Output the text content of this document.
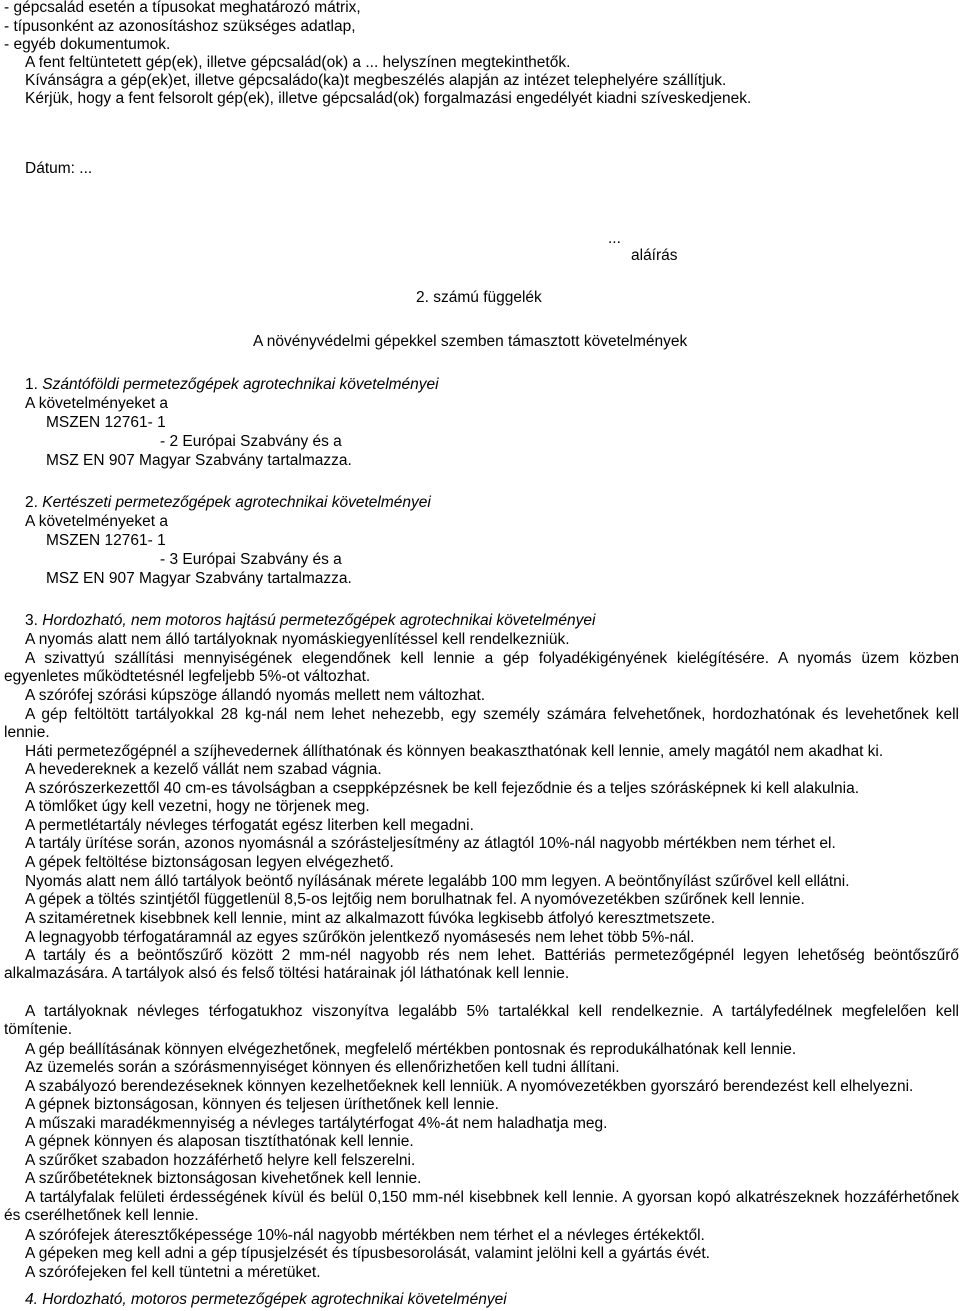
- gépcsalád esetén a típusokat meghatározó mátrix,
- típusonként az azonosításhoz szükséges adatlap,
- egyéb dokumentumok.
A fent feltüntetett gép(ek), illetve gépcsalád(ok) a ... helyszínen megtekinthetők.
Kívánságra a gép(ek)et, illetve gépcsaládo(ka)t megbeszélés alapján az intézet telephelyére szállítjuk.
Kérjük, hogy a fent felsorolt gép(ek), illetve gépcsalád(ok) forgalmazási engedélyét kiadni szíveskedjenek.
Dátum: ...
...
aláírás
2. számú függelék
A növényvédelmi gépekkel szemben támasztott követelmények
1. Szántóföldi permetezőgépek agrotechnikai követelményei
A követelményeket a
MSZEN 12761- 1
- 2 Európai Szabvány és a
MSZ EN 907 Magyar Szabvány tartalmazza.
2. Kertészeti permetezőgépek agrotechnikai követelményei
A követelményeket a
MSZEN 12761- 1
- 3 Európai Szabvány és a
MSZ EN 907 Magyar Szabvány tartalmazza.
3. Hordozható, nem motoros hajtású permetezőgépek agrotechnikai követelményei
A nyomás alatt nem álló tartályoknak nyomáskiegyenlítéssel kell rendelkezniük.
A szivattyú szállítási mennyiségének elegendőnek kell lennie a gép folyadékigényének kielégítésére. A nyomás üzem közben egyenletes működtetésnél legfeljebb 5%-ot változhat.
A szórófej szórási kúpszöge állandó nyomás mellett nem változhat.
A gép feltöltött tartályokkal 28 kg-nál nem lehet nehezebb, egy személy számára felvehetőnek, hordozhatónak és levehetőnek kell lennie.
Háti permetezőgépnél a szíjhevedernek állíthatónak és könnyen beakaszthatónak kell lennie, amely magától nem akadhat ki.
A hevedereknek a kezelő vállát nem szabad vágnia.
A szórószerkezettől 40 cm-es távolságban a cseppképzésnek be kell fejeződnie és a teljes szórásképnek ki kell alakulnia.
A tömlőket úgy kell vezetni, hogy ne törjenek meg.
A permetlétartály névleges térfogatát egész literben kell megadni.
A tartály ürítése során, azonos nyomásnál a szórásteljesítmény az átlagtól 10%-nál nagyobb mértékben nem térhet el.
A gépek feltöltése biztonságosan legyen elvégezhető.
Nyomás alatt nem álló tartályok beöntő nyílásának mérete legalább 100 mm legyen. A beöntőnyílást szűrővel kell ellátni.
A gépek a töltés szintjétől függetlenül 8,5-os lejtőig nem borulhatnak fel. A nyomóvezetékben szűrőnek kell lennie.
A szitaméretnek kisebbnek kell lennie, mint az alkalmazott fúvóka legkisebb átfolyó keresztmetszete.
A legnagyobb térfogatáramnál az egyes szűrőkön jelentkező nyomásesés nem lehet több 5%-nál.
A tartály és a beöntőszűrő között 2 mm-nél nagyobb rés nem lehet. Battériás permetezőgépnél legyen lehetőség beöntőszűrő alkalmazására. A tartályok alsó és felső töltési határainak jól láthatónak kell lennie.
A tartályoknak névleges térfogatukhoz viszonyítva legalább 5% tartalékkal kell rendelkeznie. A tartályfedélnek megfelelően kell tömítenie.
A gép beállításának könnyen elvégezhetőnek, megfelelő mértékben pontosnak és reprodukálhatónak kell lennie.
Az üzemelés során a szórásmennyiséget könnyen és ellenőrizhetően kell tudni állítani.
A szabályozó berendezéseknek könnyen kezelhetőeknek kell lenniük. A nyomóvezetékben gyorszáró berendezést kell elhelyezni.
A gépnek biztonságosan, könnyen és teljesen üríthetőnek kell lennie.
A műszaki maradékmennyiség a névleges tartálytérfogat 4%-át nem haladhatja meg.
A gépnek könnyen és alaposan tisztíthatónak kell lennie.
A szűrőket szabadon hozzáférhető helyre kell felszerelni.
A szűrőbetéteknek biztonságosan kivehetőnek kell lennie.
A tartályfalak felületi érdességének kívül és belül 0,150 mm-nél kisebbnek kell lennie. A gyorsan kopó alkatrészeknek hozzáférhetőnek és cserélhetőnek kell lennie.
A szórófejek áteresztőképessége 10%-nál nagyobb mértékben nem térhet el a névleges értékektől.
A gépeken meg kell adni a gép típusjelzését és típusbesorolását, valamint jelölni kell a gyártás évét.
A szórófejeken fel kell tüntetni a méretüket.
4. Hordozható, motoros permetezőgépek agrotechnikai követelményei
